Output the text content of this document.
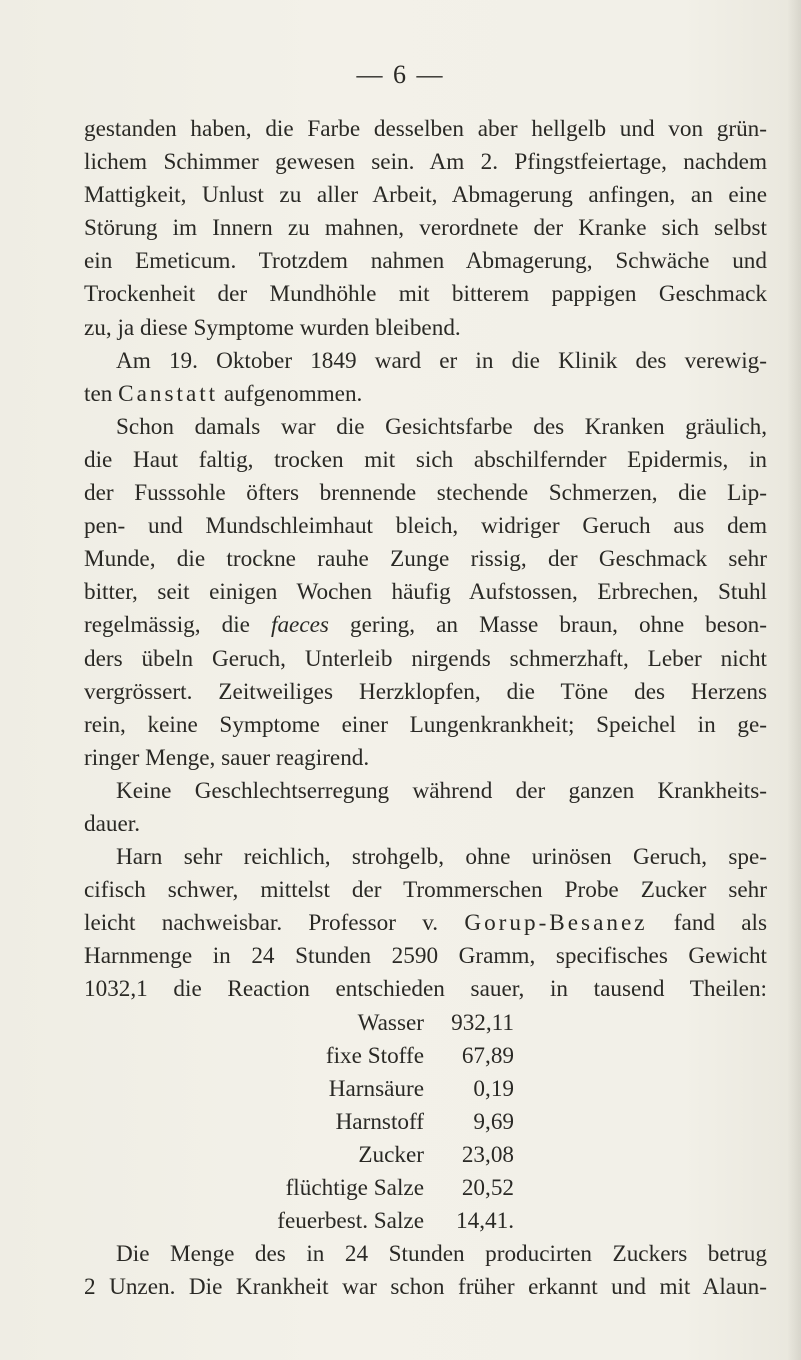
— 6 —
gestanden haben, die Farbe desselben aber hellgelb und von grün-
lichem Schimmer gewesen sein. Am 2. Pfingstfeiertage, nachdem
Mattigkeit, Unlust zu aller Arbeit, Abmagerung anfingen, an eine
Störung im Innern zu mahnen, verordnete der Kranke sich selbst
ein Emeticum. Trotzdem nahmen Abmagerung, Schwäche und
Trockenheit der Mundhöhle mit bitterem pappigen Geschmack
zu, ja diese Symptome wurden bleibend.
Am 19. Oktober 1849 ward er in die Klinik des verewig-
ten Canstatt aufgenommen.
Schon damals war die Gesichtsfarbe des Kranken gräulich,
die Haut faltig, trocken mit sich abschilfernder Epidermis, in
der Fusssohle öfters brennende stechende Schmerzen, die Lip-
pen- und Mundschleimhaut bleich, widriger Geruch aus dem
Munde, die trockne rauhe Zunge rissig, der Geschmack sehr
bitter, seit einigen Wochen häufig Aufstossen, Erbrechen, Stuhl
regelmässig, die faeces gering, an Masse braun, ohne beson-
ders übeln Geruch, Unterleib nirgends schmerzhaft, Leber nicht
vergrössert. Zeitweiliges Herzklopfen, die Töne des Herzens
rein, keine Symptome einer Lungenkrankheit; Speichel in ge-
ringer Menge, sauer reagirend.
Keine Geschlechtserregung während der ganzen Krankheits-
dauer.
Harn sehr reichlich, strohgelb, ohne urinösen Geruch, spe-
cifisch schwer, mittelst der Trommerschen Probe Zucker sehr
leicht nachweisbar. Professor v. Gorup-Besanez fand als
Harnmenge in 24 Stunden 2590 Gramm, specifisches Gewicht
1032,1 die Reaction entschieden sauer, in tausend Theilen:
Wasser	932,11
fixe Stoffe	67,89
Harnsäure	0,19
Harnstoff	9,69
Zucker	23,08
flüchtige Salze	20,52
feuerbest. Salze	14,41.
Die Menge des in 24 Stunden producirten Zuckers betrug
2 Unzen. Die Krankheit war schon früher erkannt und mit Alaun-
